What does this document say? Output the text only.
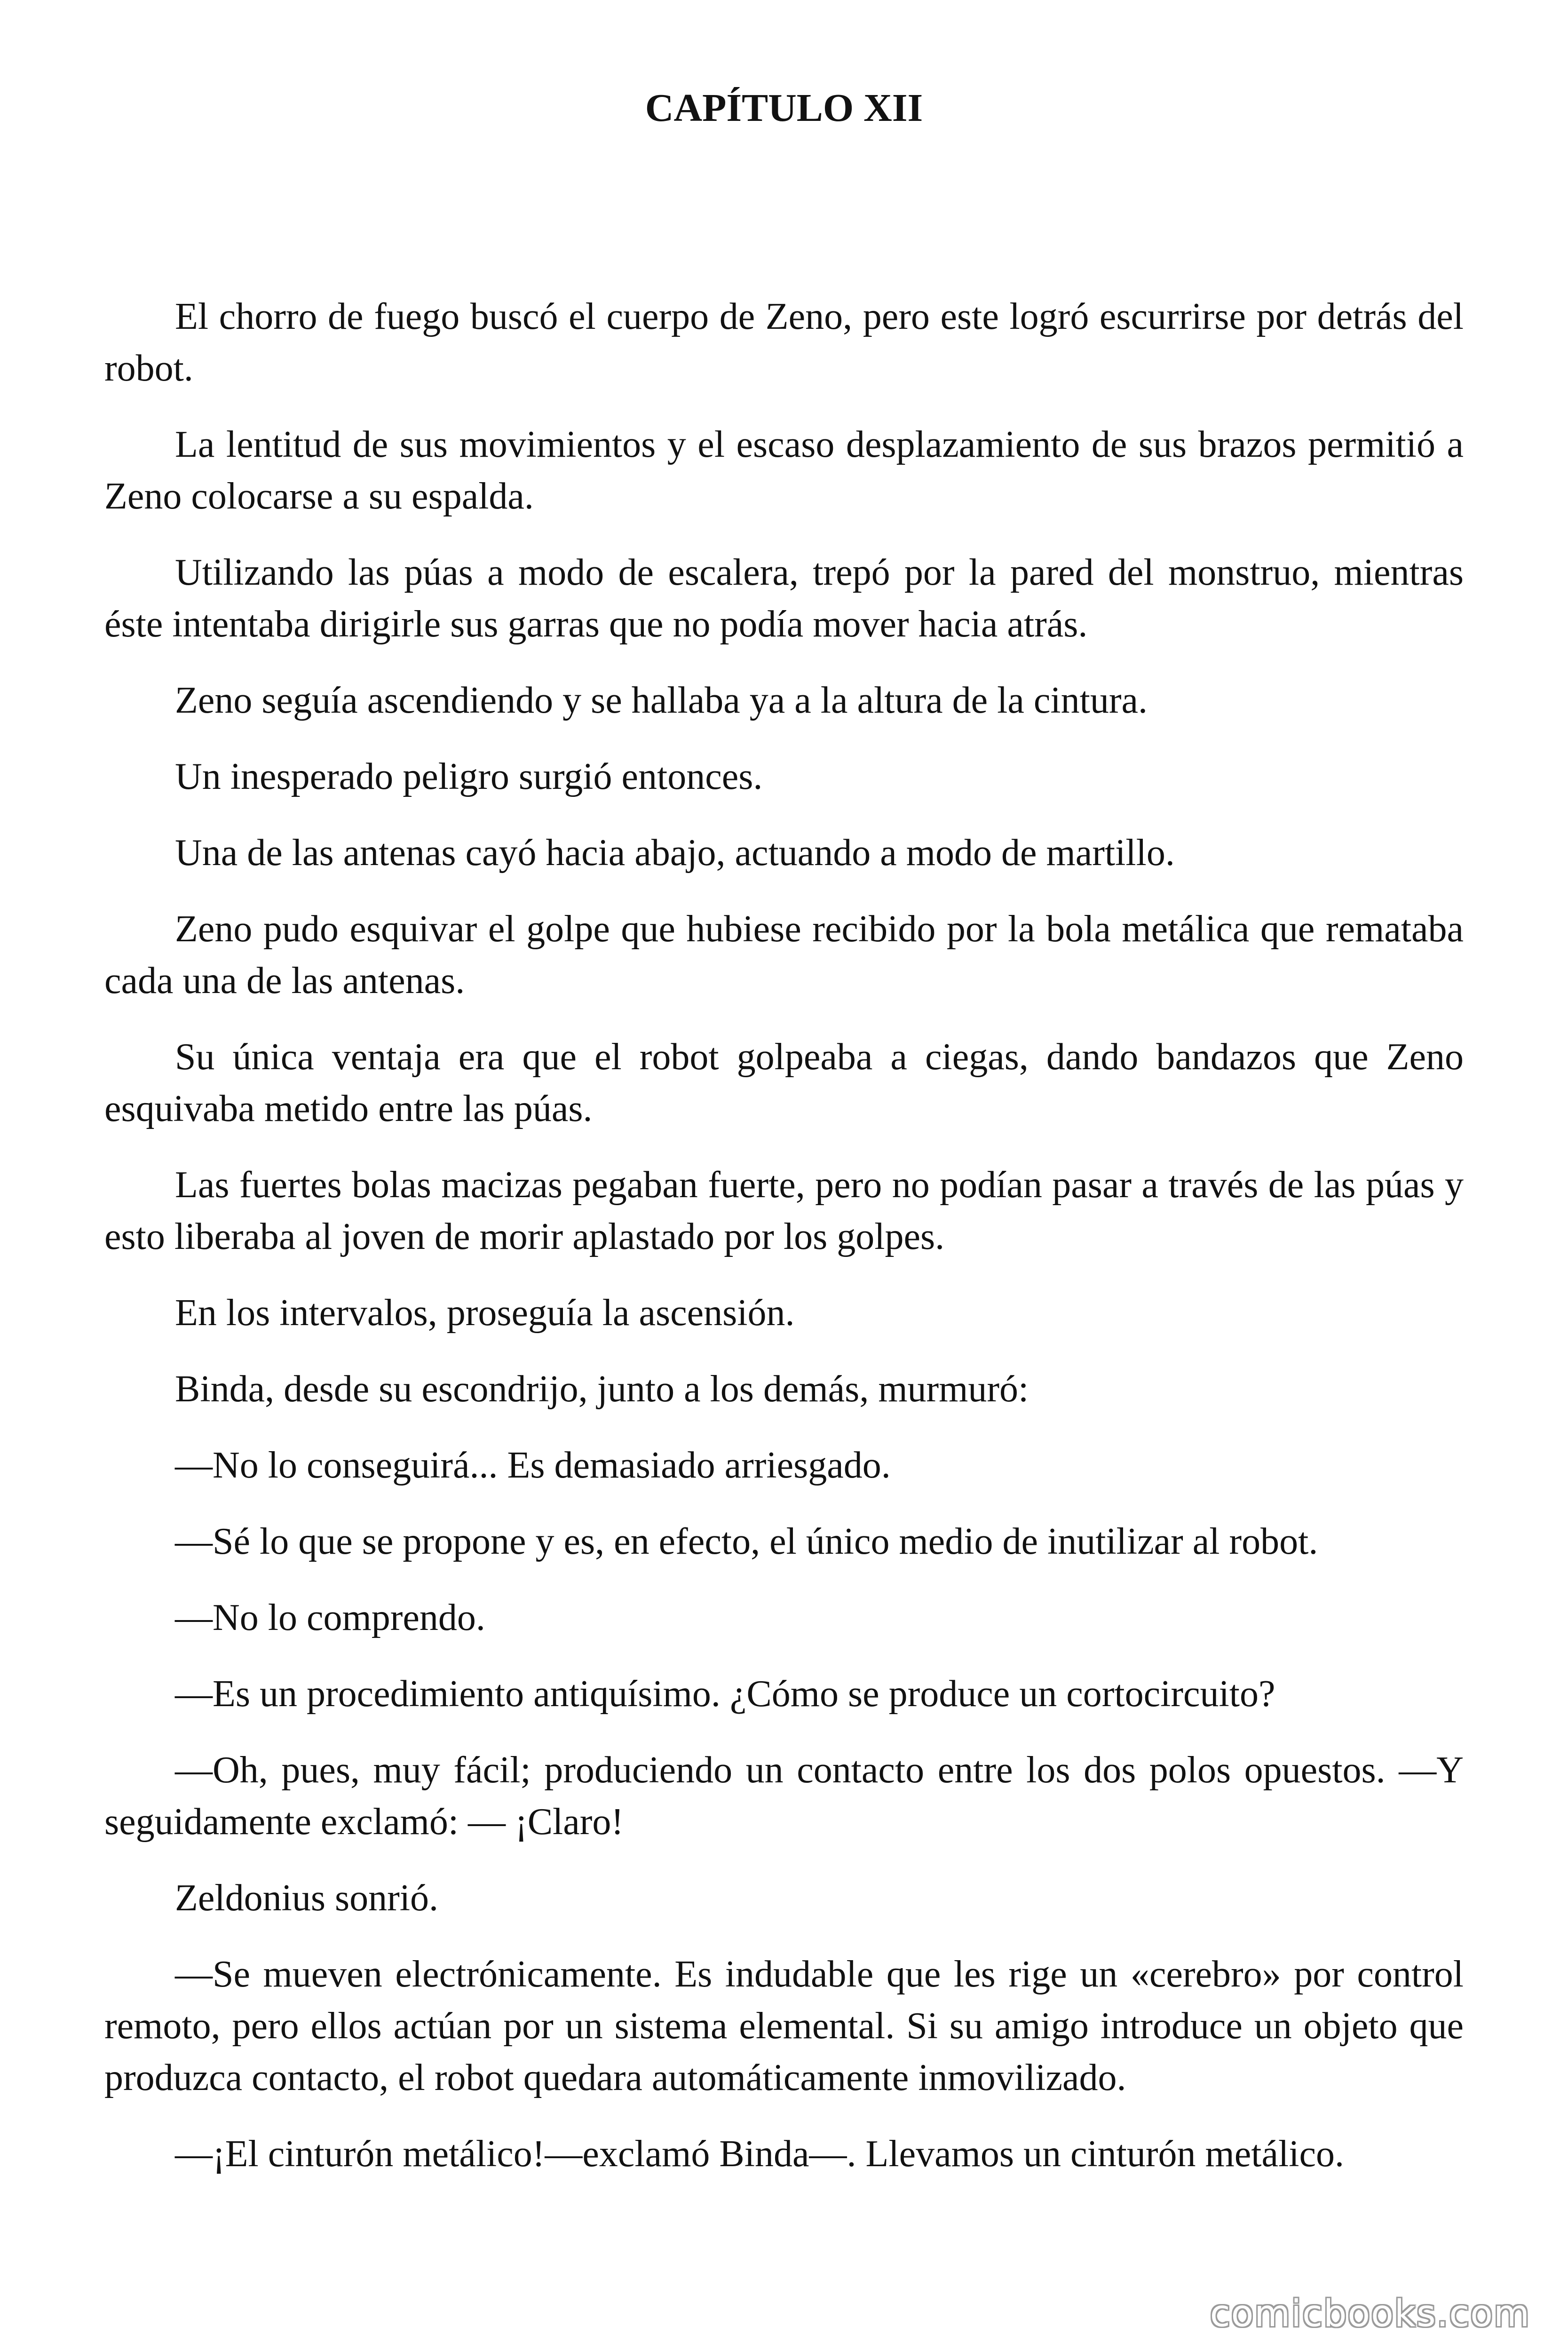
CAPÍTULO XII

El chorro de fuego buscó el cuerpo de Zeno, pero este logró escurrirse por detrás del robot.

La lentitud de sus movimientos y el escaso desplazamiento de sus brazos permitió a Zeno colocarse a su espalda.

Utilizando las púas a modo de escalera, trepó por la pared del monstruo, mientras éste intentaba dirigirle sus garras que no podía mover hacia atrás.

Zeno seguía ascendiendo y se hallaba ya a la altura de la cintura.

Un inesperado peligro surgió entonces.

Una de las antenas cayó hacia abajo, actuando a modo de martillo.

Zeno pudo esquivar el golpe que hubiese recibido por la bola metálica que remataba cada una de las antenas.

Su única ventaja era que el robot golpeaba a ciegas, dando bandazos que Zeno esquivaba metido entre las púas.

Las fuertes bolas macizas pegaban fuerte, pero no podían pasar a través de las púas y esto liberaba al joven de morir aplastado por los golpes.

En los intervalos, proseguía la ascensión.

Binda, desde su escondrijo, junto a los demás, murmuró:

—No lo conseguirá... Es demasiado arriesgado.

—Sé lo que se propone y es, en efecto, el único medio de inutilizar al robot.

—No lo comprendo.

—Es un procedimiento antiquísimo. ¿Cómo se produce un cortocircuito?

—Oh, pues, muy fácil; produciendo un contacto entre los dos polos opuestos. —Y seguidamente exclamó: — ¡Claro!

Zeldonius sonrió.

—Se mueven electrónicamente. Es indudable que les rige un «cerebro» por control remoto, pero ellos actúan por un sistema elemental. Si su amigo introduce un objeto que produzca contacto, el robot quedara automáticamente inmovilizado.

—¡El cinturón metálico!—exclamó Binda—. Llevamos un cinturón metálico.

comicbooks.com
